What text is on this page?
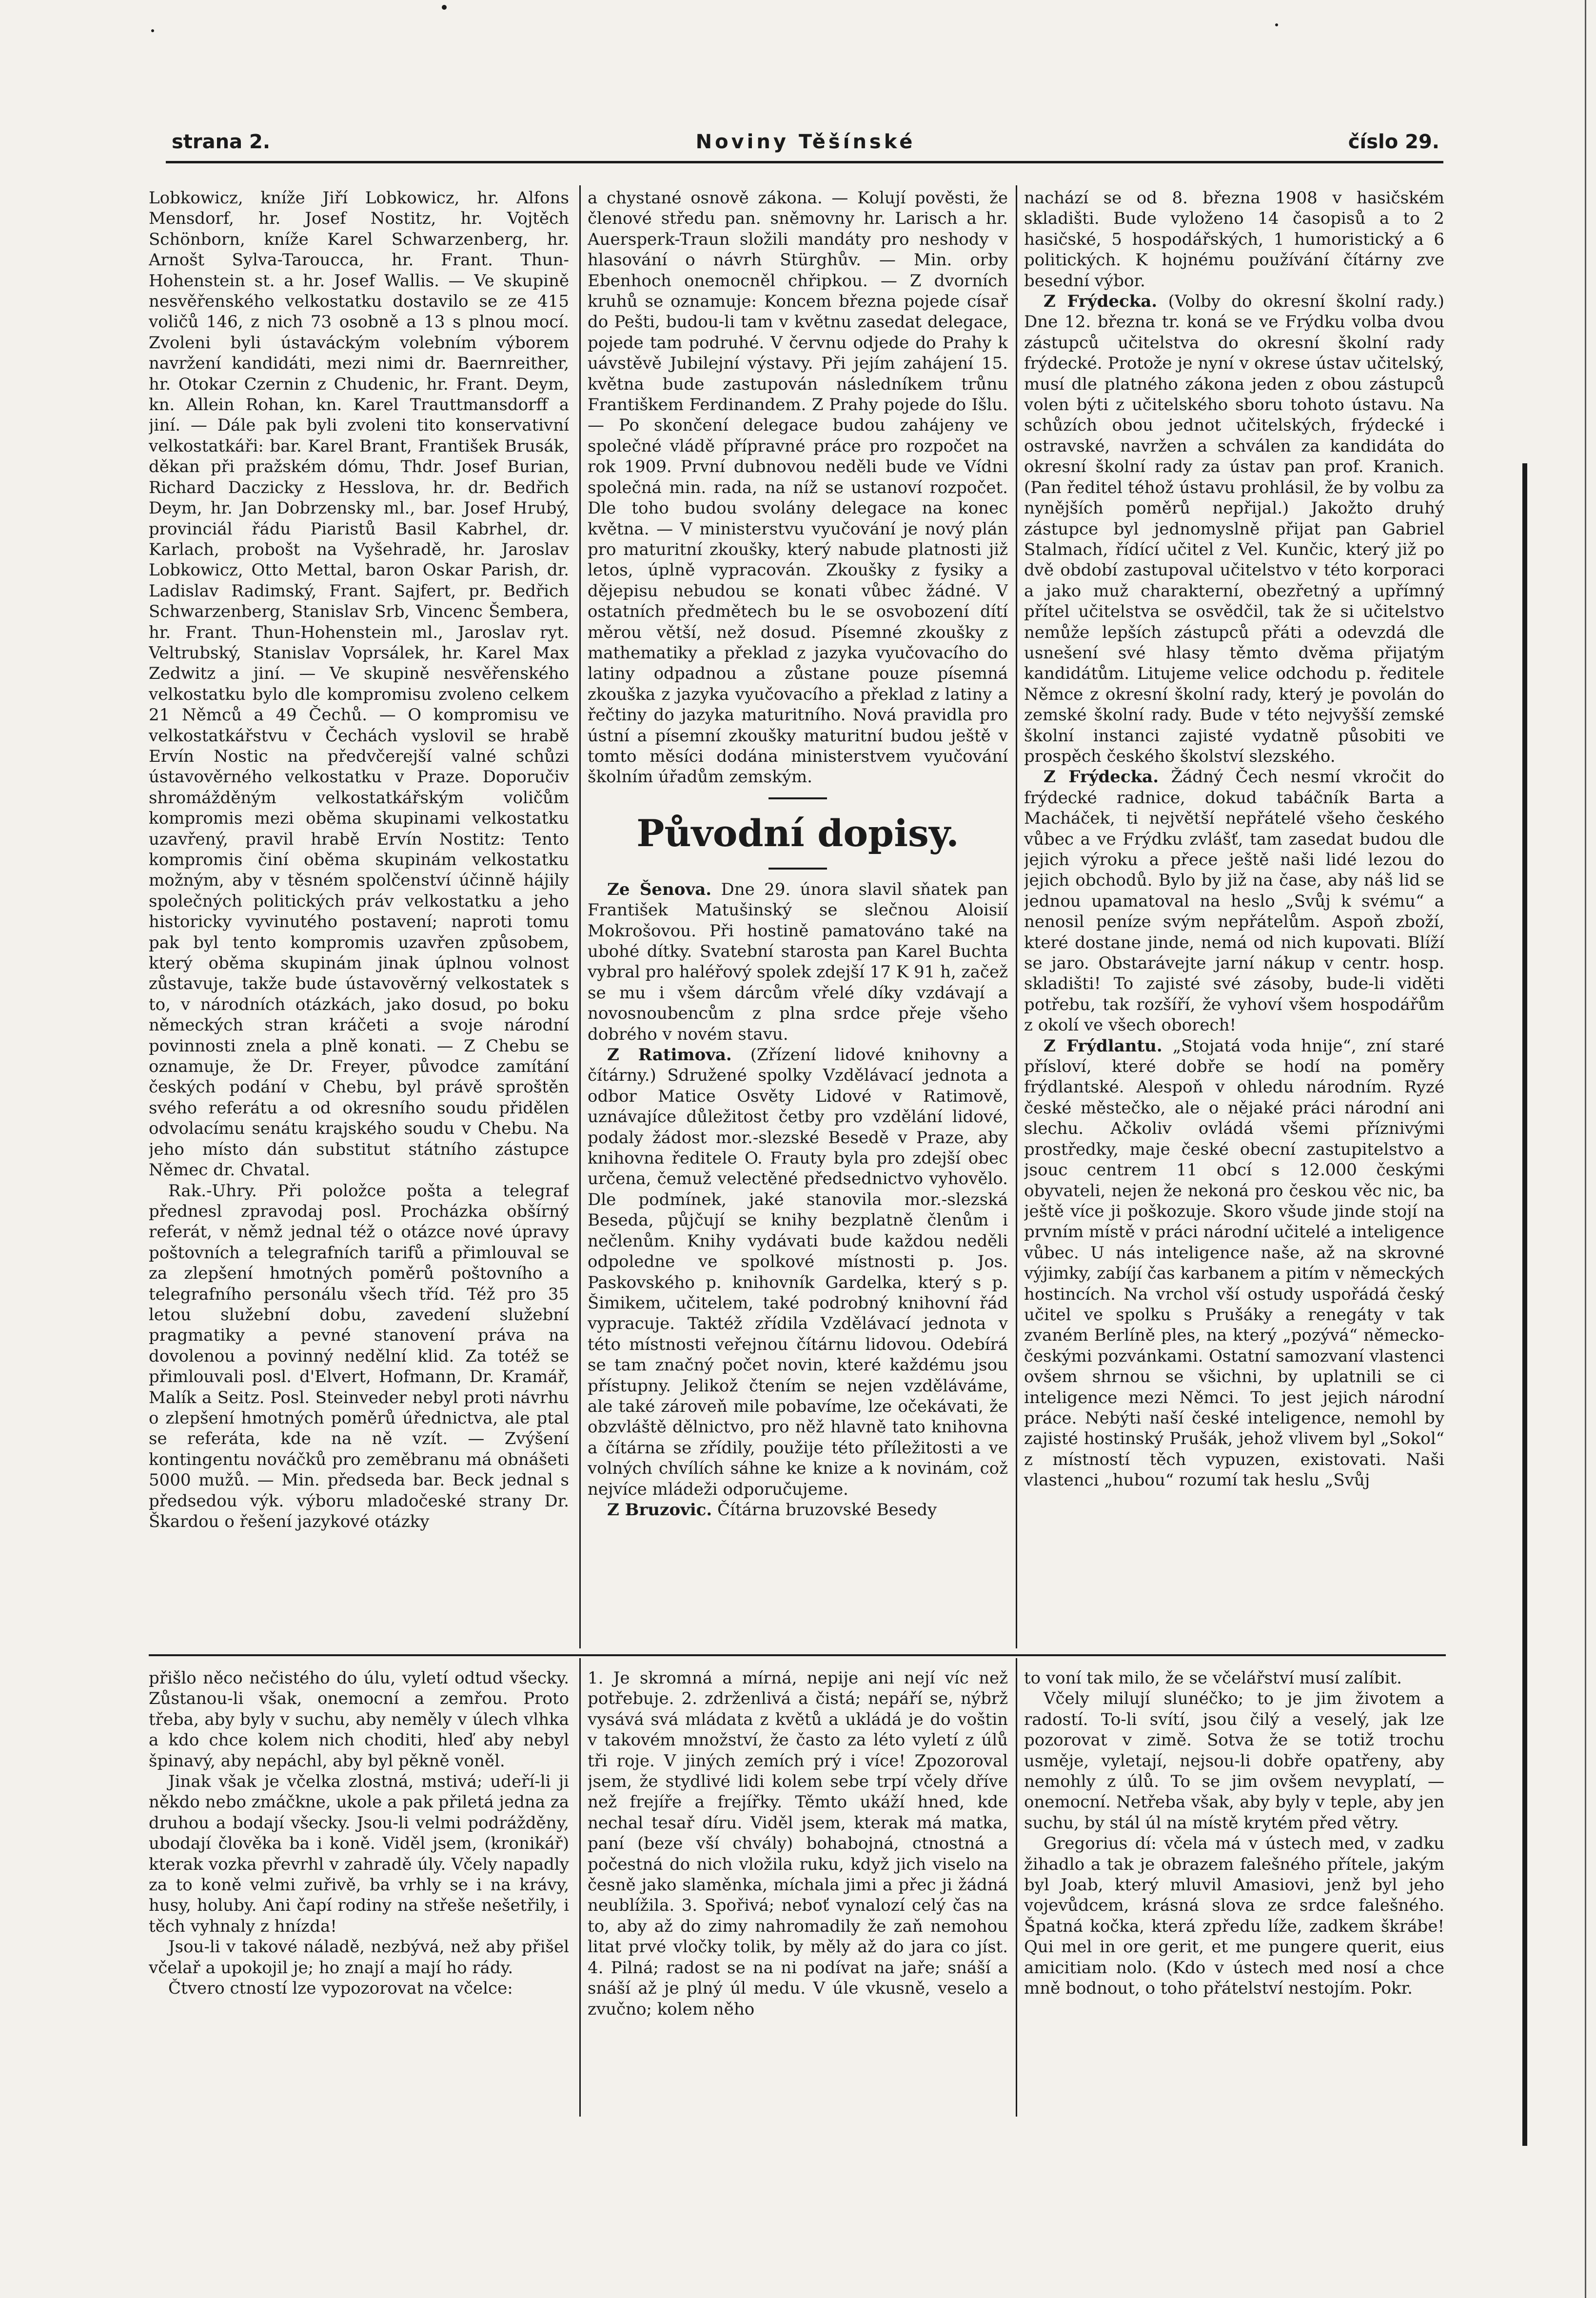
strana 2.	Noviny Těšínské	číslo 29.

Lobkowicz, kníže Jiří Lobkowicz, hr. Alfons Mensdorf, hr. Josef Nostitz, hr. Vojtěch Schönborn, kníže Karel Schwarzenberg, hr. Arnošt Sylva-Tarouсca, hr. Frant. Thun-Hohenstein st. a hr. Josef Wallis. — Ve skupině nesvěřenského velkostatku dostavilo se ze 415 voličů 146, z nich 73 osobně a 13 s plnou mocí. Zvoleni byli ústaváckým volebním výborem navržení kandidáti, mezi nimi dr. Baernreither, hr. Otokar Czernin z Chudenic, hr. Frant. Deym, kn. Allein Rohan, kn. Karel Trauttmansdorff a jiní. — Dále pak byli zvoleni tito konservativní velkostatkáři: bar. Karel Brant, František Brusák, děkan při pražském dómu, Thdr. Josef Burian, Richard Daczicky z Hesslova, hr. dr. Bedřich Deym, hr. Jan Dobrzensky ml., bar. Josef Hrubý, provinciál řádu Piaristů Basil Kabrhel, dr. Karlach, probošt na Vyšehradě, hr. Jaroslav Lobkowicz, Otto Mettal, baron Oskar Parish, dr. Ladislav Radimský, Frant. Sajfert, pr. Bedřich Schwarzenberg, Stanislav Srb, Vincenc Šembera, hr. Frant. Thun-Hohenstein ml., Jaroslav ryt. Veltrubský, Stanislav Voprsálek, hr. Karel Max Zedwitz a jiní. — Ve skupině nesvěřenského velkostatku bylo dle kompromisu zvoleno celkem 21 Němců a 49 Čechů. — O kompromisu ve velkostatkářstvu v Čechách vyslovil se hrabě Ervín Nostic na předvčerejší valné schůzi ústavověrného velkostatku v Praze. Doporučiv shromážděným velkostatkářským voličům kompromis mezi oběma skupinami velkostatku uzavřený, pravil hrabě Ervín Nostitz: Tento kompromis činí oběma skupinám velkostatku možným, aby v těsném spolčenství účinně hájily společných politických práv velkostatku a jeho historicky vyvinutého postavení; naproti tomu pak byl tento kompromis uzavřen způsobem, který oběma skupinám jinak úplnou volnost zůstavuje, takže bude ústavověrný velkostatek s to, v národních otázkách, jako dosud, po boku německých stran kráčeti a svoje národní povinnosti znela a plně konati. — Z Chebu se oznamuje, že Dr. Freyer, původce zamítání českých podání v Chebu, byl právě sproštěn svého referátu a od okresního soudu přidělen odvolacímu senátu krajského soudu v Chebu. Na jeho místo dán substitut státního zástupce Němec dr. Chvatal.

Rak.-Uhry. Při položce pošta a telegraf přednesl zpravodaj posl. Procházka obšírný referát, v němž jednal též o otázce nové úpravy poštovních a telegrafních tarifů a přimlouval se za zlepšení hmotných poměrů poštovního a telegrafního personálu všech tříd. Též pro 35 letou služební dobu, zavedení služební pragmatiky a pevné stanovení práva na dovolenou a povinný nedělní klid. Za totéž se přimlouvali posl. d'Elvert, Hofmann, Dr. Kramář, Malík a Seitz. Posl. Steinveder nebyl proti návrhu o zlepšení hmotných poměrů úřednictva, ale ptal se referáta, kde na ně vzít. — Zvýšení kontingentu nováčků pro zeměbranu má obnášeti 5000 mužů. — Min. předseda bar. Beck jednal s předsedou výk. výboru mladočeské strany Dr. Škardou o řešení jazykové otázky

a chystané osnově zákona. — Kolují pověsti, že členové středu pan. sněmovny hr. Larisch a hr. Auersperk-Traun složili mandáty pro neshody v hlasování o návrh Stürghův. — Min. orby Ebenhoch onemocněl chřipkou. — Z dvorních kruhů se oznamuje: Koncem března pojede císař do Pešti, budou-li tam v květnu zasedat delegace, pojede tam podruhé. V červnu odjede do Prahy k uávstěvě Jubilejní výstavy. Při jejím zahájení 15. května bude zastupován následníkem trůnu Františkem Ferdinandem. Z Prahy pojede do Išlu. — Po skončení delegace budou zahájeny ve společné vládě přípravné práce pro rozpočet na rok 1909. První dubnovou neděli bude ve Vídni společná min. rada, na níž se ustanoví rozpočet. Dle toho budou svolány delegace na konec května. — V ministerstvu vyučování je nový plán pro maturitní zkoušky, který nabude platnosti již letos, úplně vypracován. Zkoušky z fysiky a dějepisu nebudou se konati vůbec žádné. V ostatních předmětech bu le se osvobození dítí měrou větší, než dosud. Písemné zkoušky z mathematiky a překlad z jazyka vyučovacího do latiny odpadnou a zůstane pouze písemná zkouška z jazyka vyučovacího a překlad z latiny a řečtiny do jazyka maturitního. Nová pravidla pro ústní a písemní zkoušky maturitní budou ještě v tomto měsíci dodána ministerstvem vyučování školním úřadům zemským.

Původní dopisy.

Ze Šenova. Dne 29. února slavil sňatek pan František Matušinský se slečnou Aloisií Mokrošovou. Při hostině pamatováno také na ubohé dítky. Svatební starosta pan Karel Buchta vybral pro haléřový spolek zdejší 17 K 91 h, začež se mu i všem dárcům vřelé díky vzdávají a novosnoubencům z plna srdce přeje všeho dobrého v novém stavu.

Z Ratimova. (Zřízení lidové knihovny a čítárny.) Sdružené spolky Vzdělávací jednota a odbor Matice Osvěty Lidové v Ratimově, uznávajíce důležitost četby pro vzdělání lidové, podaly žádost mor.-slezské Besedě v Praze, aby knihovna ředitele O. Frauty byla pro zdejší obec určena, čemuž velectěné předsednictvo vyhovělo. Dle podmínek, jaké stanovila mor.-slezská Beseda, půjčují se knihy bezplatně členům i nečlenům. Knihy vydávati bude každou neděli odpoledne ve spolkové místnosti p. Jos. Paskovského p. knihovník Gardelka, který s p. Šimikem, učitelem, také podrobný knihovní řád vypracuje. Taktéž zřídila Vzdělávací jednota v této místnosti veřejnou čítárnu lidovou. Odebírá se tam značný počet novin, které každému jsou přístupny. Jelikož čtením se nejen vzděláváme, ale také zároveň mile pobavíme, lze očekávati, že obzvláště dělnictvo, pro něž hlavně tato knihovna a čítárna se zřídily, použije této příležitosti a ve volných chvílích sáhne ke knize a k novinám, což nejvíce mládeži odporučujeme.

Z Bruzovic. Čítárna bruzovské Besedy

nachází se od 8. března 1908 v hasičském skladišti. Bude vyloženo 14 časopisů a to 2 hasičské, 5 hospodářských, 1 humoristický a 6 politických. K hojnému používání čítárny zve besední výbor.

Z Frýdecka. (Volby do okresní školní rady.) Dne 12. března tr. koná se ve Frýdku volba dvou zástupců učitelstva do okresní školní rady frýdecké. Protože je nyní v okrese ústav učitelský, musí dle platného zákona jeden z obou zástupců volen býti z učitelského sboru tohoto ústavu. Na schůzích obou jednot učitelských, frýdecké i ostravské, navržen a schválen za kandidáta do okresní školní rady za ústav pan prof. Kranich. (Pan ředitel téhož ústavu prohlásil, že by volbu za nynějších poměrů nepřijal.) Jakožto druhý zástupce byl jednomyslně přijat pan Gabriel Stalmach, řídící učitel z Vel. Kunčic, který již po dvě období zastupoval učitelstvo v této korporaci a jako muž charakterní, obezřetný a upřímný přítel učitelstva se osvědčil, tak že si učitelstvo nemůže lepších zástupců přáti a odevzdá dle usnešení své hlasy těmto dvěma přijatým kandidátům. Litujeme velice odchodu p. ředitele Němce z okresní školní rady, který je povolán do zemské školní rady. Bude v této nejvyšší zemské školní instanci zajisté vydatně působiti ve prospěch českého školství slezského.

Z Frýdecka. Žádný Čech nesmí vkročit do frýdecké radnice, dokud tabáčník Barta a Macháček, ti největší nepřátelé všeho českého vůbec a ve Frýdku zvlášť, tam zasedat budou dle jejich výroku a přece ještě naši lidé lezou do jejich obchodů. Bylo by již na čase, aby náš lid se jednou upamatoval na heslo „Svůj k svému“ a nenosil peníze svým nepřátelům. Aspoň zboží, které dostane jinde, nemá od nich kupovati. Blíží se jaro. Obstarávejte jarní nákup v centr. hosp. skladišti! To zajisté své zásoby, bude-li viděti potřebu, tak rozšíří, že vyhoví všem hospodářům z okolí ve všech oborech!

Z Frýdlantu. „Stojatá voda hnije“, zní staré přísloví, které dobře se hodí na poměry frýdlantské. Alespoň v ohledu národním. Ryzé české městečko, ale o nějaké práci národní ani slechu. Ačkoliv ovládá všemi příznivými prostředky, maje české obecní zastupitelstvo a jsouc centrem 11 obcí s 12.000 českými obyvateli, nejen že nekoná pro českou věc nic, ba ještě více ji poškozuje. Skoro všude jinde stojí na prvním místě v práci národní učitelé a inteligence vůbec. U nás inteligence naše, až na skrovné výjimky, zabíjí čas karbanem a pitím v německých hostincích. Na vrchol vší ostudy uspořádá český učitel ve spolku s Prušáky a renegáty v tak zvaném Berlíně ples, na který „pozývá“ německo-českými pozvánkami. Ostatní samozvaní vlastenci ovšem shrnou se všichni, by uplatnili se ci inteligence mezi Němci. To jest jejich národní práce. Nebýti naší české inteligence, nemohl by zajisté hostinský Prušák, jehož vlivem byl „Sokol“ z místností těch vypuzen, existovati. Naši vlastenci „hubou“ rozumí tak heslu „Svůj

přišlo něco nečistého do úlu, vyletí odtud všecky. Zůstanou-li však, onemocní a zemřou. Proto třeba, aby byly v suchu, aby neměly v úlech vlhka a kdo chce kolem nich choditi, hleď aby nebyl špinavý, aby nepáchl, aby byl pěkně voněl.

Jinak však je včelka zlostná, mstivá; udeří-li ji někdo nebo zmáčkne, ukole a pak přiletá jedna za druhou a bodají všecky. Jsou-li velmi podrážděny, ubodají člověka ba i koně. Viděl jsem, (kronikář) kterak vozka převrhl v zahradě úly. Včely napadly za to koně velmi zuřivě, ba vrhly se i na krávy, husy, holuby. Ani čapí rodiny na střeše nešetřily, i těch vyhnaly z hnízda!

Jsou-li v takové náladě, nezbývá, než aby přišel včelař a upokojil je; ho znají a mají ho rády.

Čtvero ctností lze vypozorovat na včelce:

1. Je skromná a mírná, nepije ani nejí víc než potřebuje. 2. zdrženlivá a čistá; nepáří se, nýbrž vysává svá mládata z květů a ukládá je do voštin v takovém množství, že často za léto vyletí z úlů tři roje. V jiných zemích prý i více! Zpozoroval jsem, že stydlivé lidi kolem sebe trpí včely dříve než frejíře a frejířky. Těmto ukáží hned, kde nechal tesař díru. Viděl jsem, kterak má matka, paní (beze vší chvály) bohabojná, ctnostná a počestná do nich vložila ruku, když jich viselo na česně jako slaměnka, míchala jimi a přec ji žádná neublížila. 3. Spořivá; neboť vynalozí celý čas na to, aby až do zimy nahromadily že zaň nemohou litat prvé vločky tolik, by měly až do jara co jíst. 4. Pilná; radost se na ni podívat na jaře; snáší a snáší až je plný úl medu. V úle vkusně, veselo a zvučno; kolem něho

to voní tak milo, že se včelářství musí zalíbit.

Včely milují slunéčko; to je jim životem a radostí. To-li svítí, jsou čilý a veselý, jak lze pozorovat v zimě. Sotva že se totiž trochu usměje, vyletají, nejsou-li dobře opatřeny, aby nemohly z úlů. To se jim ovšem nevyplatí, — onemocní. Netřeba však, aby byly v teple, aby jen suchu, by stál úl na místě krytém před větry.

Gregorius dí: včela má v ústech med, v zadku žihadlo a tak je obrazem falešného přítele, jakým byl Joab, který mluvil Amasiovi, jenž byl jeho vojevůdcem, krásná slova ze srdce falešného. Špatná kočka, která zpředu líže, zadkem škrábe! Qui mel in ore gerit, et me pungere querit, eius amicitiam nolo. (Kdo v ústech med nosí a chce mně bodnout, o toho přátelství nestojím. Pokr.
